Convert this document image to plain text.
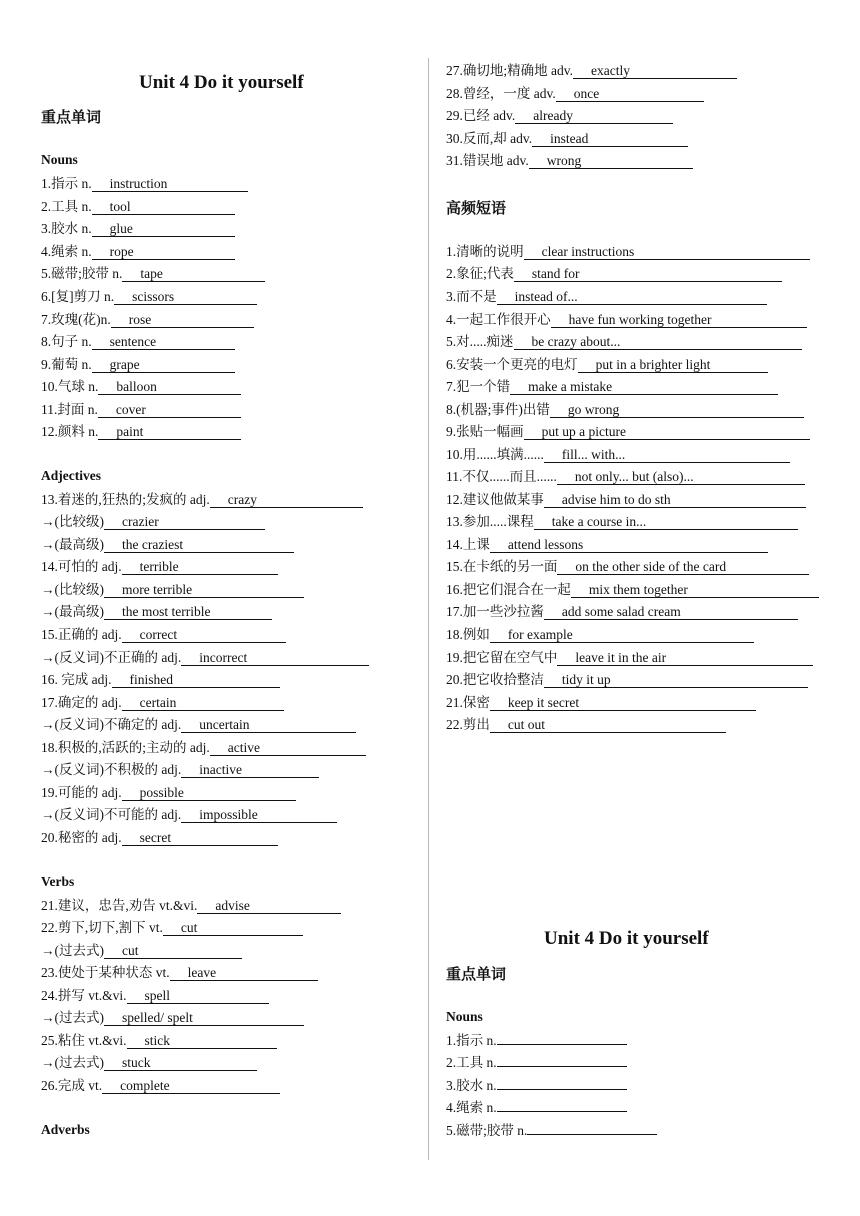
Unit 4 Do it yourself
重点单词
Nouns
1.指示 n. instruction
2.工具 n. tool
3.胶水 n. glue
4.绳索 n. rope
5.磁带;胶带 n. tape
6.[复]剪刀 n. scissors
7.玫瑰(花)n. rose
8.句子 n. sentence
9.葡萄 n. grape
10.气球 n. balloon
11.封面 n. cover
12.颜料 n. paint
Adjectives
13.着迷的,狂热的;发疯的 adj. crazy
→(比较级) crazier
→(最高级) the craziest
14.可怕的 adj. terrible
→(比较级) more terrible
→(最高级) the most terrible
15.正确的 adj. correct
→(反义词)不正确的 adj. incorrect
16. 完成 adj. finished
17.确定的 adj. certain
→(反义词)不确定的 adj. uncertain
18.积极的,活跃的;主动的 adj. active
→(反义词)不积极的 adj. inactive
19.可能的 adj. possible
→(反义词)不可能的 adj. impossible
20.秘密的 adj. secret
Verbs
21.建议，忠告,劝告 vt.&vi. advise
22.剪下,切下,割下 vt. cut
→(过去式) cut
23.使处于某种状态 vt. leave
24.拼写 vt.&vi. spell
→(过去式) spelled/ spelt
25.粘住 vt.&vi. stick
→(过去式) stuck
26.完成 vt. complete
Adverbs
27.确切地;精确地 adv. exactly
28.曾经，一度 adv. once
29.已经 adv. already
30.反而,却 adv. instead
31.错误地 adv. wrong
高频短语
1.清晰的说明 clear instructions
2.象征;代表 stand for
3.而不是 instead of...
4.一起工作很开心 have fun working together
5.对.....痴迷 be crazy about...
6.安装一个更亮的电灯 put in a brighter light
7.犯一个错 make a mistake
8.(机器;事件)出错 go wrong
9.张贴一幅画 put up a picture
10.用......填满...... fill... with...
11.不仅......而且...... not only... but (also)...
12.建议他做某事 advise him to do sth
13.参加.....课程 take a course in...
14.上课 attend lessons
15.在卡纸的另一面 on the other side of the card
16.把它们混合在一起 mix them together
17.加一些沙拉酱 add some salad cream
18.例如 for example
19.把它留在空气中 leave it in the air
20.把它收拾整洁 tidy it up
21.保密 keep it secret
22.剪出 cut out
Unit 4 Do it yourself
重点单词
Nouns
1.指示 n.
2.工具 n.
3.胶水 n.
4.绳索 n.
5.磁带;胶带 n.
